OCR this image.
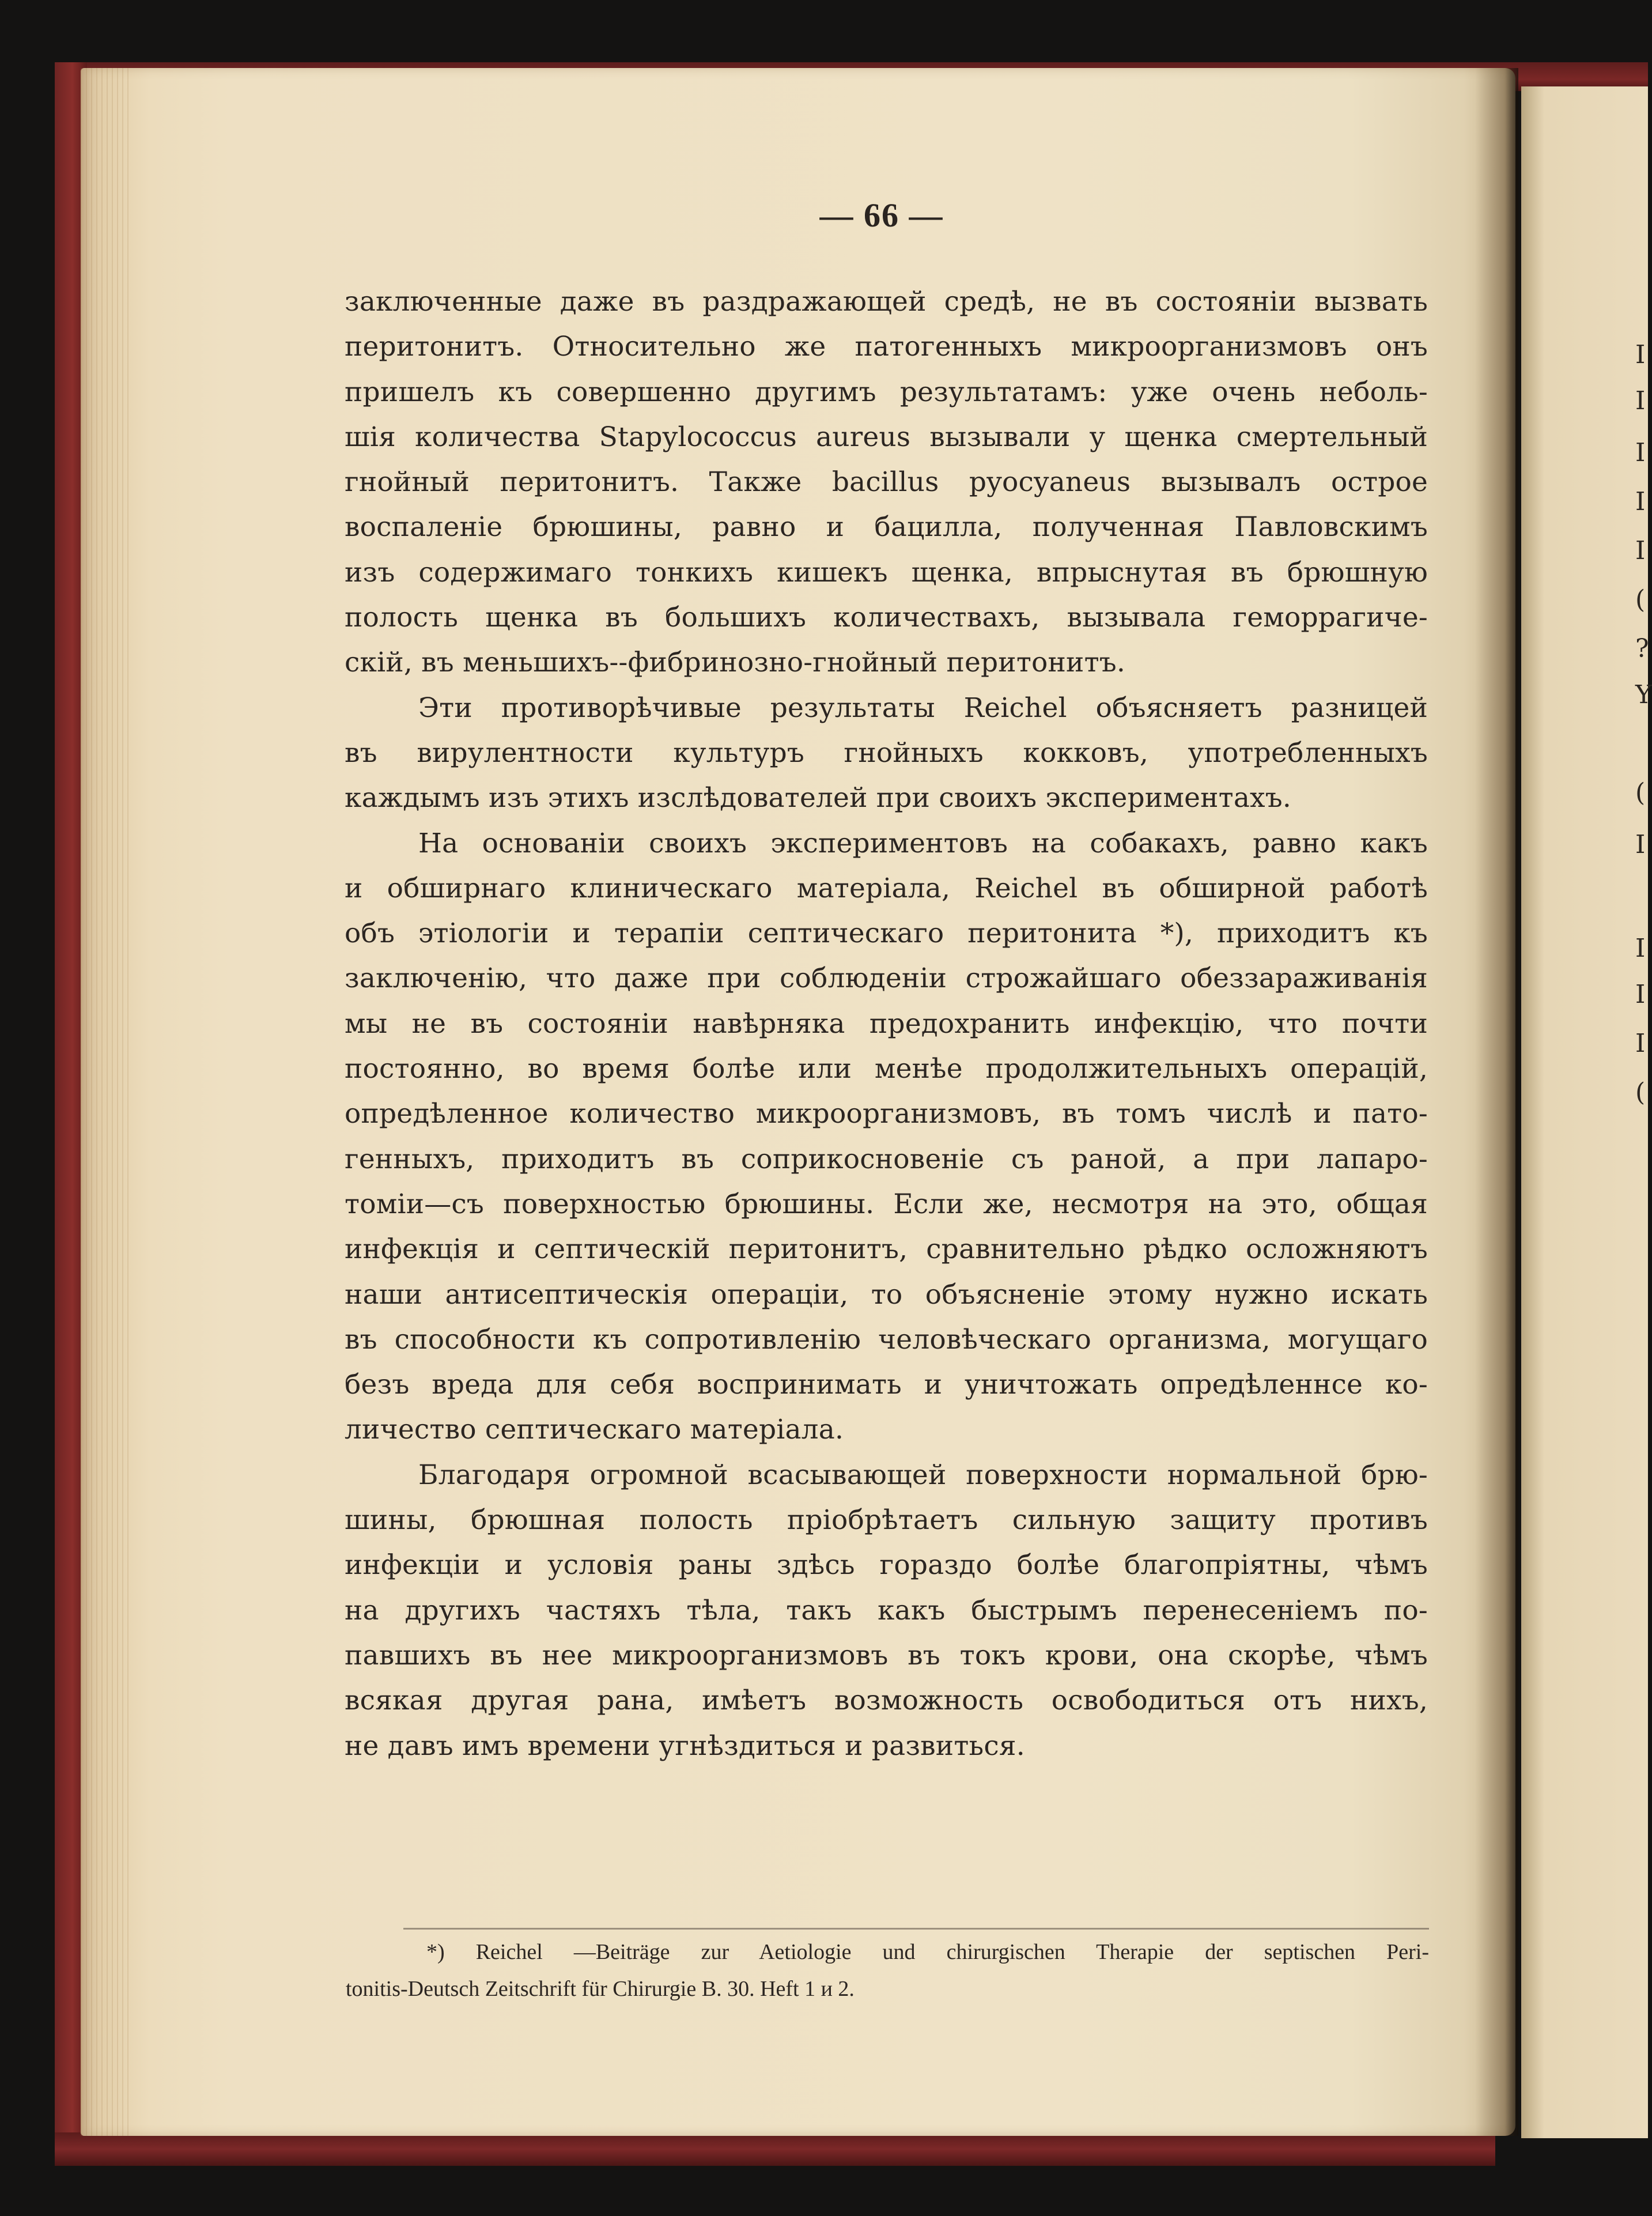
I
I
I
I
I
(
?
Y
(
I
I
I
I
(
— 66 —
заключенные даже въ раздражающей средѣ, не въ состоянiи вызвать
перитонитъ. Относительно же патогенныхъ микроорганизмовъ онъ
пришелъ къ совершенно другимъ результатамъ: уже очень неболь-
шiя количества Stapylococcus aureus вызывали у щенка смертельный
гнойный перитонитъ. Также bacillus pyocyaneus вызывалъ острое
воспаленiе брюшины, равно и бацилла, полученная Павловскимъ
изъ содержимаго тонкихъ кишекъ щенка, впрыснутая въ брюшную
полость щенка въ большихъ количествахъ, вызывала геморрагиче-
скiй, въ меньшихъ--фибринозно-гнойный перитонитъ.
Эти противорѣчивые результаты Reichel объясняетъ разницей
въ вирулентности культуръ гнойныхъ кокковъ, употребленныхъ
каждымъ изъ этихъ изслѣдователей при своихъ экспериментахъ.
На основанiи своихъ экспериментовъ на собакахъ, равно какъ
и обширнаго клиническаго матерiала, Reichel въ обширной работѣ
объ этiологiи и терапiи септическаго перитонита *), приходитъ къ
заключенiю, что даже при соблюденiи строжайшаго обеззараживанiя
мы не въ состоянiи навѣрняка предохранить инфекцiю, что почти
постоянно, во время болѣе или менѣе продолжительныхъ операцiй,
опредѣленное количество микроорганизмовъ, въ томъ числѣ и пато-
генныхъ, приходитъ въ соприкосновенiе съ раной, а при лапаро-
томiи—съ поверхностью брюшины. Если же, несмотря на это, общая
инфекцiя и септическiй перитонитъ, сравнительно рѣдко осложняютъ
наши антисептическiя операцiи, то объясненiе этому нужно искать
въ способности къ сопротивленiю человѣческаго организма, могущаго
безъ вреда для себя воспринимать и уничтожать опредѣленнсе ко-
личество септическаго матерiала.
Благодаря огромной всасывающей поверхности нормальной брю-
шины, брюшная полость прiобрѣтаетъ сильную защиту противъ
инфекцiи и условiя раны здѣсь гораздо болѣе благопрiятны, чѣмъ
на другихъ частяхъ тѣла, такъ какъ быстрымъ перенесенiемъ по-
павшихъ въ нее микроорганизмовъ въ токъ крови, она скорѣе, чѣмъ
всякая другая рана, имѣетъ возможность освободиться отъ нихъ,
не давъ имъ времени угнѣздиться и развиться.
*) Reichel —Beiträge zur Aetiologie und chirurgischen Therapie der septischen Peri-
tonitis-Deutsch Zeitschrift für Chirurgie B. 30. Heft 1 и 2.
